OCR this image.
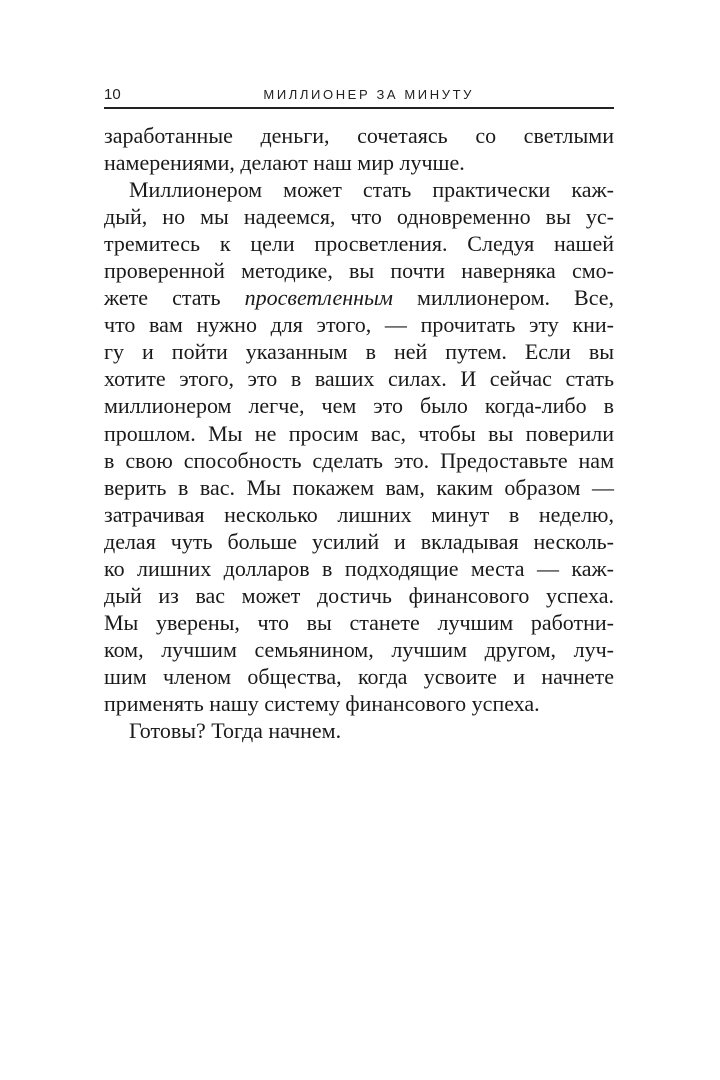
10	МИЛЛИОНЕР ЗА МИНУТУ
заработанные деньги, сочетаясь со светлыми
намерениями, делают наш мир лучше.
Миллионером может стать практически каж-
дый, но мы надеемся, что одновременно вы ус-
тремитесь к цели просветления. Следуя нашей
проверенной методике, вы почти наверняка смо-
жете стать просветленным миллионером. Все,
что вам нужно для этого, — прочитать эту кни-
гу и пойти указанным в ней путем. Если вы
хотите этого, это в ваших силах. И сейчас стать
миллионером легче, чем это было когда-либо в
прошлом. Мы не просим вас, чтобы вы поверили
в свою способность сделать это. Предоставьте нам
верить в вас. Мы покажем вам, каким образом —
затрачивая несколько лишних минут в неделю,
делая чуть больше усилий и вкладывая несколь-
ко лишних долларов в подходящие места — каж-
дый из вас может достичь финансового успеха.
Мы уверены, что вы станете лучшим работни-
ком, лучшим семьянином, лучшим другом, луч-
шим членом общества, когда усвоите и начнете
применять нашу систему финансового успеха.
Готовы? Тогда начнем.
